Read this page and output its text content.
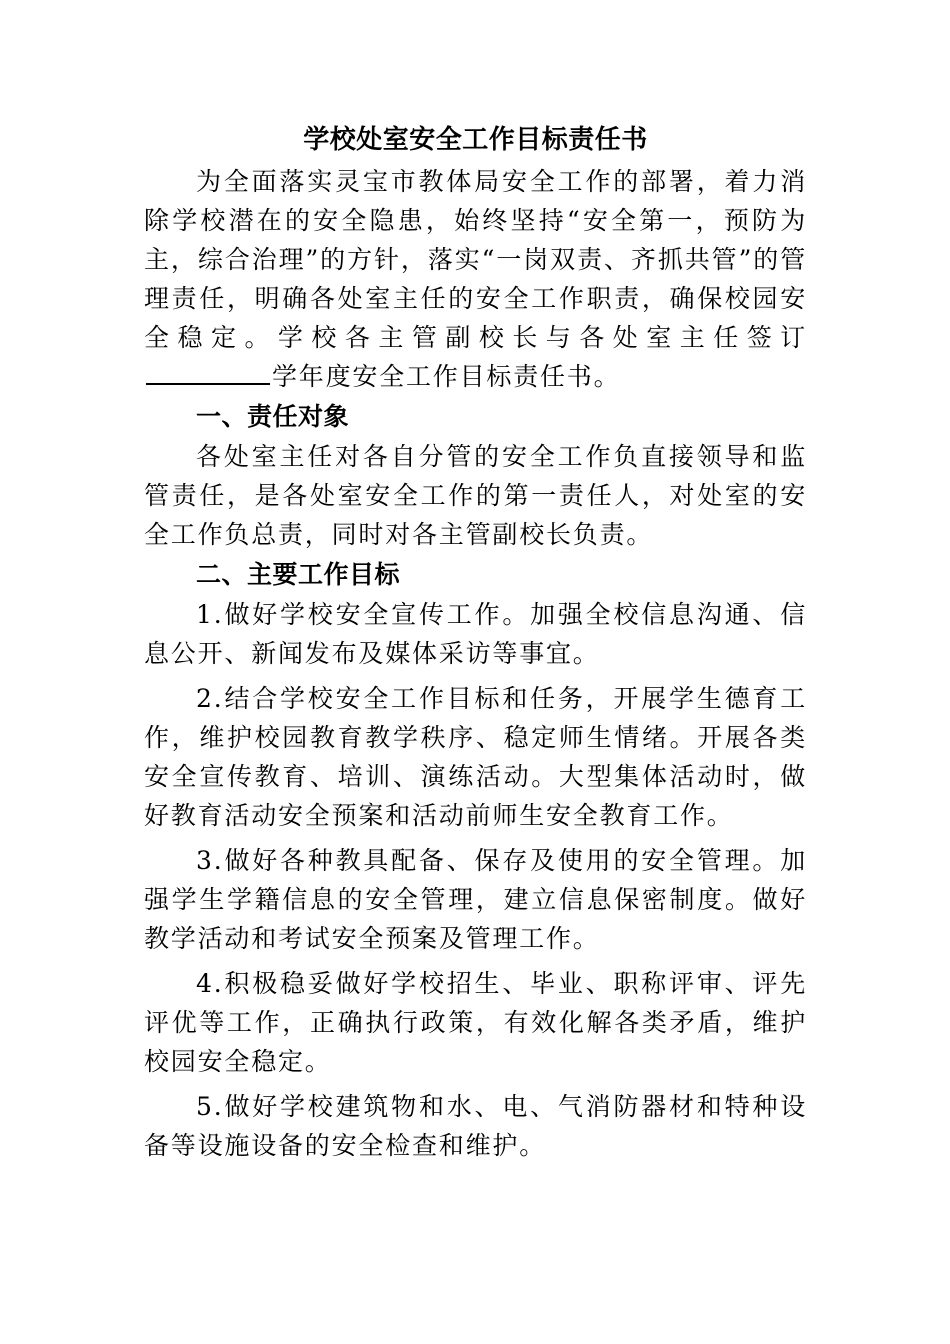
学校处室安全工作目标责任书

为全面落实灵宝市教体局安全工作的部署，着力消除学校潜在的安全隐患，始终坚持“安全第一，预防为主，综合治理”的方针，落实“一岗双责、齐抓共管”的管理责任，明确各处室主任的安全工作职责，确保校园安全稳定。学校各主管副校长与各处室主任签订学年度安全工作目标责任书。

一、责任对象

各处室主任对各自分管的安全工作负直接领导和监管责任，是各处室安全工作的第一责任人，对处室的安全工作负总责，同时对各主管副校长负责。

二、主要工作目标

1.做好学校安全宣传工作。加强全校信息沟通、信息公开、新闻发布及媒体采访等事宜。

2.结合学校安全工作目标和任务，开展学生德育工作，维护校园教育教学秩序、稳定师生情绪。开展各类安全宣传教育、培训、演练活动。大型集体活动时，做好教育活动安全预案和活动前师生安全教育工作。

3.做好各种教具配备、保存及使用的安全管理。加强学生学籍信息的安全管理，建立信息保密制度。做好教学活动和考试安全预案及管理工作。

4.积极稳妥做好学校招生、毕业、职称评审、评先评优等工作，正确执行政策，有效化解各类矛盾，维护校园安全稳定。

5.做好学校建筑物和水、电、气消防器材和特种设备等设施设备的安全检查和维护。
